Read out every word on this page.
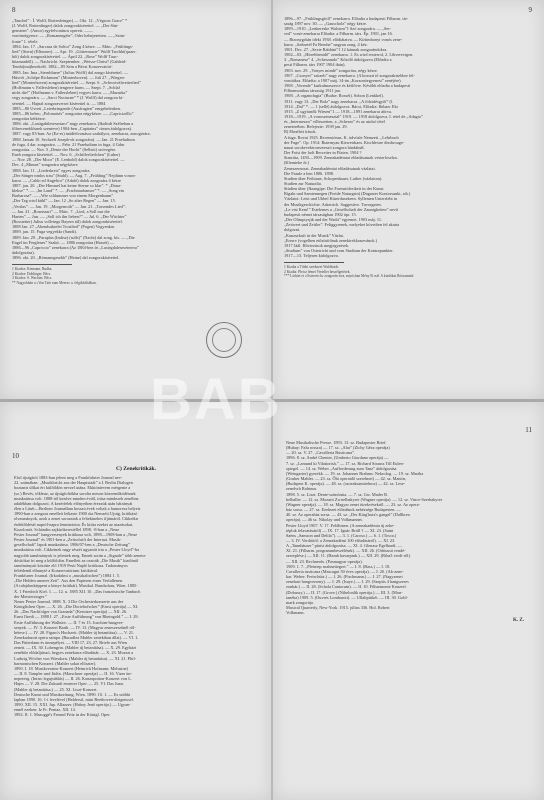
8
„Tauchel” : Í. Wolff, Rottenfeinger) — Okt. 12. „Végsors Grace” *
(J. Wolff, Rottenfinger) dalok zongorakísérettel. — „Der Sän-
genstern”. (Amor) egyfelvonásos operett. ——
vonósnégyesre. — „Romanengéte”, Oder hehejezetten. — „Szim-
fonie” 1. tétele.
1884. Jan. 17. „Sarcaza de Soltor” Zong 4 kézre. — Márc. „Frühlings-
lied” (Stern) (Elbroner). — Apr. 19. „Göttermasie” Wolff Tarchbi(quars-
bői) dalok zongorakísérettel. — Ápril 22. „Rose” Wolff Tauc-
hitamanből). — Nachricht. Szeptember. „Weisse Christ? (Gahleid-
Tembi(ma)berekelő. 1882—85 Sein a Bécsi Konzervatóri-
1885. Jan. Ima „Sternbluere” (Julius Wolff) dal zongo kísérettel. —
Húsvét „Schőpe Rickmuns” (Monterhoven). — Juli 27. „Wiegen-
lied” (Monterhoven) zongorakísérettel. — Szept. 6. „Schwotvälwetterlied”
(Hoffmann v. Fallersleben) tengerre harm. — Szept. 7. „Schlaf
nicht die!” (Hoffmann v. Fallersleben) vegyes karra. — „Mazurka”
vegy zongorára. — „Sarci Nocturne” * (J. Wolff) dal zongora ki-
sérettel. — Hajnal zongoraversei kísérettel is. — 1884
1885—86 Uvreti „Leterbringende (Ausfragten” enrgebelenben.
1885—86 helen; „Polonaisés” zongorára négykézre. — „Capricizóllo”
zongorára kétkézre.
1886. okt. „Lastigabilesesertaro” nagy zenekarra. (Ikalisdt Szélreban a
főherceneklősnek szenteve) 1904-ben „Capitains” címen átdolgozva).
1887. vagy 83-ban: Az (Ez-es) mádfelvonásos szabályos, zenekarra, zonogórára.
1888. Január 10. Sechzelt Joseph-ok zongorára). — Jan. 21 Praeludium
de fuga, 4 dar. zongorára. — Febr. 21 Praeludium in fuga, 4 Gdur
zongorára. — Nov. 5 „Dente der Hocht” (Selbsti) szövegére.
Eneh zongora kísérettel. — Nov. 6. „Schifferliedchen” (Luber)
— Nov. 28. „Der Moor” (E. Lenbold) dalok zongorakísérettel. —
Dec. 4 „Minuet” zongorára négykézre.
1888. Jan. 11. „Liederkreis” egyes zongorára.
„Der Sänger nmlos trau” (Stuhl). — Aug. 7. „Frühling” Nejdünn vonos-
karra. — „Caldo ed Angelico” (Adaló) dalok zongorára 4 kézre
1887. jan. 20. „Der Himmel hat keine Sterne so klar”. * „Dona-
klekse” *. — „Im Land” *. — „Frachmarbanser” *. — „Song ein
Barbarosa*. — „Wie schlummer von einem Morgenbaum”
„Der Tag wird kühl” — Jan. 12 „So alter Regen” — Jan. 15.
„Verilas”. — Jan. 19. „Morgenroth” — Jan. 21. „Torsendes Lied”.
— Jan. 21. „Rosenzart” — Márc. 7. „Lied, a Soll nur die
Harten” — Jun. — „Soll ich ihn lieben?” — Jul. 6. „Der Wächter”
(Rosstetter) Julius vollvings Bayern tál) dalok zongorakísérettel.
1888 Jan. 27 „Abendsakrelet Trostlied” (Pogen) Vogyenkar.
1889. jan. 15. Fuga vegyekkr (Sandt).
1889. Jan. 29. „Paraplas (Imlisz) (sulls)” (Nacht) dal zong. kís. — „Die
Engel im Ferglenes” Szabó. — 1886 zongorára (Hassét) —
1886—96 „Capriccio” zenekarra (Az 1884-ben írt „Lasiegdaleseseterera”
átdolgozása).
1896. okt. 20. „Rómanogesekb” (Heine) dal zongorakísérettel.
1 Kiadva: Kiemann, Budba.
2 Kiadva: Doblinger, Bécs.
3 Kiadva: S. Wachter, Bécs.
** Nagyobbán a »Von Tafe zum Meere« a. felgikéáltalban.
9
1896—97. „Frühlingsgfolf” zenekarra. Előadta a budapesti Filharm. tár-
saság 1897 nov. 30. — „Gauscholz” négy kézre.
1899—1910. „Lenkereske Walstrm”1 Szó zongorára. — „Ser-
ved” vonó-zenekarra Előadta: a Filharm. társ. Ép. 1901, jan 16.
— Bizonygótán idekt 1938. elődiátatva. — Kírtimbonyi vonós zene-
karra. „Szőnetél Fa Bernhe” nagyan zong. 4 kéz.
1901. Dec. 27. „Sexie Rabbini”1 12 kánnak zongorándokra.
1902—03. „Hírrebbenidő” zenekarra. 1. Es wird ersterrol, 2. Libverevigen.
3. „Romanese” 4. „Scherzando” Kőzölő átdolgozva (Előadta a
pesti Filharm. társ 1907 1904 ibán).
1903. nov. 29. „Vonyes mindé” zongorára, négy kézre.
1907. „Csonyei” szüzelt” nagy zenekarra. (A hosszú tő zongorakisebbre fel-
vonttákra. Előadta: a 1907 máj. 14-án „Korzonóegyenest” zenéjére).
1908. „Verende” kurkulmaszerce és kétfővre. Később előadta a budapesti
Filharmonikus társaság 1911 jan.
1908. „A organofugia” (Budav. Rossét). Sobon (Lenkkel).
1911. vagy 13. „Der Bolz” nagy zenekarra. „A fölzidésgyőf” (l.
1914. „Dal” *. — 1 (sellé) átdolgozva. Bácsi, Előadta: Ibiban: Ekt
1915. „Z ugyárnők Wiesen”1 — 1918—1891 zenekarra átírva.
1918—1919. „A vonoszenesztal” 1919. — 1918 átdolgozva, I. tétel de „Adagio”
és „Intermezzo” villeszetten, a „Scherzo” és az utolsó tétel
zeneterében. Befejezte: 1939 jan. 29.
B) Elmélett írások.
A fuga. Rovat 1925. Recensiónus. K. üdvözle Nemzeti. „Lehrbuch
der Fuge”. Op. 1914: Buternyau Kiewetrkam. Kischlestre dissbrouge-
nauai sorokevektrorezeeszö zongora bárdáinál.
Der Foist der holt Recreiter in Ffaten. 1904 ?
Statzitta, 1450—1909. Zeneakadémiai előadásainak vesterloselza.
(Klemteke őr.)
Zeneszernoszt. Zeneakadémiai előadásainak vázlatai.
Die Fraule a ben 1886. 1898.
Studien über Fethiane, Schopenhauer, Luther (vázlatom).
Studien zur Naturalia.
Stüdien über (Ikrangipe: Die Formstöfreikeit in der Kunst.
Rigaln und Samiennegen (Freide Naturgsin) (Dugaster Kontorsunkt, stb.)
Vázlatot: Leist und Ubbel Kürerdusekeen. Syllemen Unterrlebt in
der Musikgeschichte. Asketrich. Saggestive. Tuvorgaten.
„Le vist Kem!” Estelemes a „Gesellschaft der Zaunigkeiten” nevű
budapesti német társaságban 1902 ápr. 15.
„Der Olimpiysjik and der Wadit” egyemet, 1903 máj. 11.
„Zeitwert und Zeitler”. Feliggyrenek, melyeket követően fel akarta
dolgozni.
„Kunzurkuft in der Musik” Vázlat.
„Ererrv (vogelben etőzösítőnak zenekirekkonzvánok.)
1917 Jáál. Hőviezások megjegyzések.
„Studium” von Osterricht und vom Studium der Kontrapunkter.
1917—13. Teljesen kidolgozva.
1 Kiadta a Többi szerkezet Waldhoidt.
2 Kiadta: Pleicz lémet Vertellet beszélgetések.
*** Liehtet et »Osterreich« zongorán írva, miyóchan Mény B. nál. A kiadókat Rózsamind.
10
C) Zenekritikák.
Első újságírói 1883-ban jelent meg a Frankfuhrter Journal nev-
22. számában: „Musikbricht aus der Hauptstadt” a I. Berlin Dialogen
hoztanis úlíkat ért külföldön nevzel utána. Ekktóntevem mérgenie a
(sz.) Bevés, tőkleuz, az újságfoltókba sorolta meson közreműködésnek
munkatársa volt. 1888-tól kezdve minden évtől, írása mindezek zenélinz
adalékban dolgozott. A kezérfelek előnyeiben érezzük után hátrányát
élen a Lásét—Berliner Journalban hosszú évek voltak a humoresz helyett.
1890-ban a zongora emellett leíkaste 1900 óta Nemzéti Ujság, kritikázó
olvasmányok, azok a zenei sorozatok a feltekinekes ifjúmáról. Cikkeikn
érdeklődését napról-napra fenntartotta. És kiitta ezeket az utazásokat.
Kozolonöt. Schöndin zajkírókerestéllel 1898. ‑8-ban a „Neue
Pester Journal” hangversenyek kritikusa volt, 1898—1908-ban a „Neue
Pester Journal” és 1901-ben a „Zeitschrift der Internat. Musik-
gesellschaft” lapok munkatársa. 1906/07-ben a „Deutsche Zeitung”
munkatársa volt. Cikkeinek nagy részét ugyanitt írta a „Pester Lloyd”-ba
nagyobb tanulmányok is jelentek meg. Ennek során a „Signale” több zenetu-
dósítókat írt meg a külföldön. Emellett az osztrák „Die Musik” kiadónál
tanulmányait közötte elő 1919 Pesti Napló kritikusa. Tudományos
feltétlenül elhunyté a Konzervatórium kritikával.
Frankfurter Journal. (Irkodalmi a „musikalischen”) 1884 1. 5.
„Die Helden unserer Zeit”. Aus den Papieren eines Verfallenen.
(A tulajdonképpeni a könyv kritikát). Musikal. Rundschau, Wien. 1885-
X. 1 Friedrich Kiel. 1. — 12. u. 1885 XII. 10. „Das französische Tanbuch
der Meistersinger.”
Neuer Pester Journal. 1888. X. 3 Die Orchesterkonzerte aus der
Königlichen Oper. — X. 26. „Die Doriehofscher” (Ernst operája) — XI.
26. „Das Nachfolger von Granada” (Kreutzer operája) — XII. 26.
Ernst Ilzedi — 1888 I. 27. „Erste Aufführung” von Rheingold.” — I. 29.
Erste Aufführung der Walküre. — II. 7 és 13. Joachim-hangver-
senyek. — IV. 3. Konzert Barth. — IV. 13. (Magyar zeneszerzőnél ről-
hétese.) — IV. 28. Figaro's Hochzeit. (Mahler új betanítása). — V. 21.
Zenekadazott opera színpa. (Burudlea Mahler zenekiban állat). — VI. 1.
Das Fütterlann és ünnepélyei. — VIII 17, 23, 27. Briefe aus Wien
zeneti. — IX. 30. Lohengrin. (Mahler új betanítása). — X. 29. Egyházi
zenéhőz elődaljátszó, hegyes zenekarra előadását. — X. 23. Mozart a
Ludwig Wöcher von Wiesdorn. (Mahler új betanítása). — XI. 21. Phil-
harmonischen Konzert. (Mahler sokat elliszter).
1890. I. 18. Musikverains-Konzert (Heinrich Hofmann: Melusine)
— II. 8. Tampler und Jüdin. (Marschner operája) — II. 16. Vizes ün-
neperesg. (Intiro legujsáblás) — II. 26. Konzupotion-Konzert von L.
Hajes — V. 28. Die Zukunft emserer Oper. — 25. VI. Das Juan.
(Mahler új betanítása.) — 25. XI. Liszt-Konzert.
Deutsche Kunst und Musikzeitung, Wien. 1890. 10. 1. — Ez utóbbi
lapban 1890. 16. 1-i levelével (Halderstl, mint Beethoven-dirigenssel.
1890. XII. 15. XXI. Jap. Allazzer. (Haboy Jenő operája.) — Ugyan-
ennél ezeken: Iz Fr. Pentaz, XII. 14.
1892. II. 1. Masoggé's Freund Fritz in der Königl. Oper.
11
Neue Musikalische Presse. 1893. 13. sz. Budapester Brief.
(Hubay: Falu rossza) — 17. sz. „Alar” (Zichy Géza operája)
— 20. sz. V. 27. „Cavalleria Rusticana”.
1896. 8. sz. André Chenier, (Umberto Giordano operája) —
7. sz. „Lamund ki Vilattorish.” — 17. sz. Richard Strauss Till Eulen-
spiegel. — 14. sz. Weber „Aufforderung zum Tanz” átdolgozása
(Weingarter) gyerekk. — 19. sz. Johannes Brahms: Nekrolog. — 19. sz. Martha
(Gruber Mahler. — 23. sz. Őbi operaidő szerelmei) — 42. sz. Manón,
(Budapest K. operája). — 48. sz. (szoeaksamirelnoz) — 42. sz. Lese-
zenelvrh Robinus.
1898. 5. sz. Liszt: Dente-szimfonia. — 7. sz. Gw. Mader R.
belhalbe. — 12. sz. Mozartt Zwirelbakyrer (Wagner operája). — 12. sz. Vince-Szerbakyrer
(Wagner operája). — 18. sz. Magyar zenei türekvésekről. — 23. sz. Az opera-
ház sorsa. — 27. sz. Ezelnzet előadások nehézsége Budapesten. —
40. sz. Az operaház sorsa. — 43. sz. „Der Kürg'kutz's gangel” (Dallkrea
operája). — 46 sz. Nikolay und Volkmannet.
Pester Lloyd 1907. V. 17. Feldhinen. (A zeneakadémia új zeke-
tépluk felavatásáról) — IX. 17. Ignác Brüll † — XI. 23. (Saint
Saëns „Samson und Delila”). — 3. 1. (Caroso.) — 6. 1. (Tosca.)
— 3. IV. Verdiöiól: a Zeneakadémi 100 előadásáról). — XI. 23.
A „Tannhäuser” párisi átdolgozása. — XI. 4. Glenasz Egelhardt. —
XI. 21. (Filharm. programmbeszélések). — XII. 26. (Orbtussá vendé-
szereplése.) — XII. 11. (Hamb kavarpmk.) — XII. 29. (Riba3 verdi-ről).
— XII. 23. Rechnerds. (Pasmagyar operája).
1909. 1. 7. „Pfeiniep nszhnetiegrei.” — I. 8. (Bass.) — I. 18.
Cavalleria rusticana (Mascagni 50 éves operája). — I. 20. (Ak-zene-
kar. Weber: Freischütz.) — I. 26. (Fischmann.) — I. 27. (Nagyzenei
zenekari hangverseny). — I. 29. (Isaye.) — I. 29. (Szeptis 4 hangszeres
zonkár.) — II. 28. (Schola Cantorum). — II. 10. Filharmonie Konzerf.
(Dobussy.) — II. 17. (Grove.) (Nibelonlik operája.) — III. 3. (Mon-
tanéba) 1909. 5. (Ouvrés Lombaroti). — Ullalipitikét. — III. 30. Gold-
mark zongorája.
Musical Quarterly, New-York. 1915. július 336. Hol. Robert
Volkmann.
K. Z.
BAB
